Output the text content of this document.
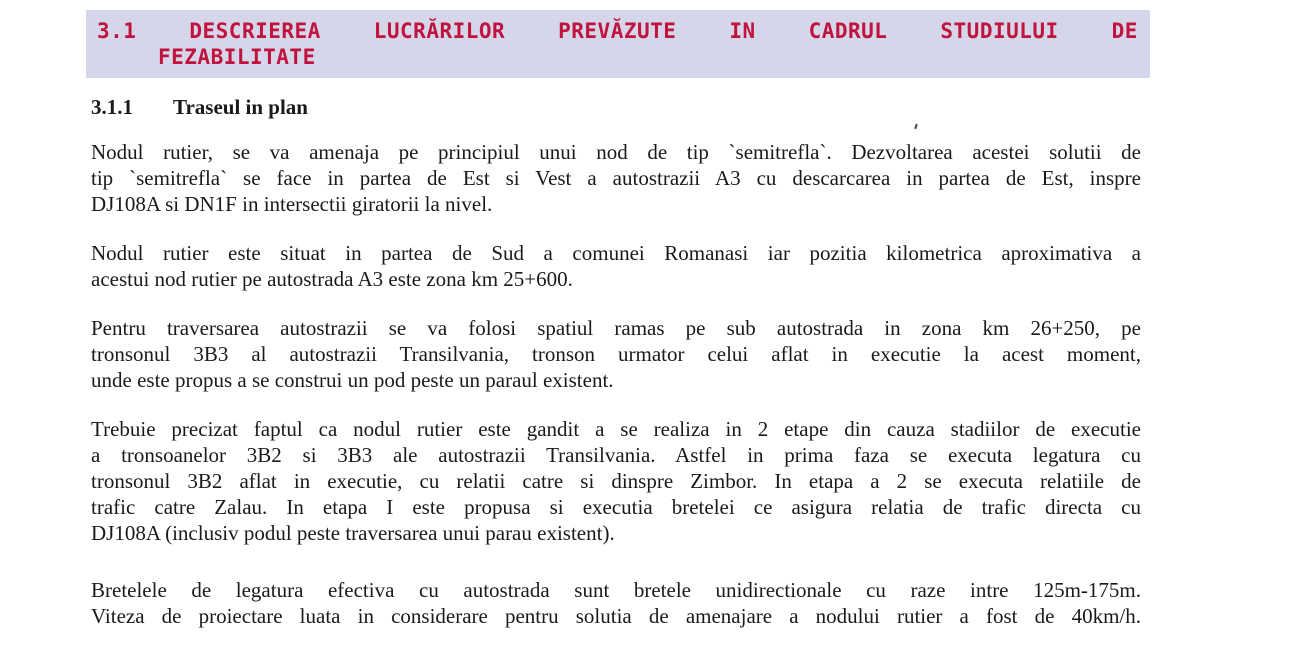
3.1	DESCRIEREA	LUCRĂRILOR	PREVĂZUTE	IN	CADRUL	STUDIULUI	DE
FEZABILITATE
3.1.1 Traseul in plan

Nodul rutier, se va amenaja pe principiul unui nod de tip `semitrefla`. Dezvoltarea acestei solutii de
tip `semitrefla` se face in partea de Est si Vest a autostrazii A3 cu descarcarea in partea de Est, inspre
DJ108A si DN1F in intersectii giratorii la nivel.

Nodul rutier este situat in partea de Sud a comunei Romanasi iar pozitia kilometrica aproximativa a
acestui nod rutier pe autostrada A3 este zona km 25+600.

Pentru traversarea autostrazii se va folosi spatiul ramas pe sub autostrada in zona km 26+250, pe
tronsonul 3B3 al autostrazii Transilvania, tronson urmator celui aflat in executie la acest moment,
unde este propus a se construi un pod peste un paraul existent.

Trebuie precizat faptul ca nodul rutier este gandit a se realiza in 2 etape din cauza stadiilor de executie
a tronsoanelor 3B2 si 3B3 ale autostrazii Transilvania. Astfel in prima faza se executa legatura cu
tronsonul 3B2 aflat in executie, cu relatii catre si dinspre Zimbor. In etapa a 2 se executa relatiile de
trafic catre Zalau. In etapa I este propusa si executia bretelei ce asigura relatia de trafic directa cu
DJ108A (inclusiv podul peste traversarea unui parau existent).

Bretelele de legatura efectiva cu autostrada sunt bretele unidirectionale cu raze intre 125m-175m.
Viteza de proiectare luata in considerare pentru solutia de amenajare a nodului rutier a fost de 40km/h.
